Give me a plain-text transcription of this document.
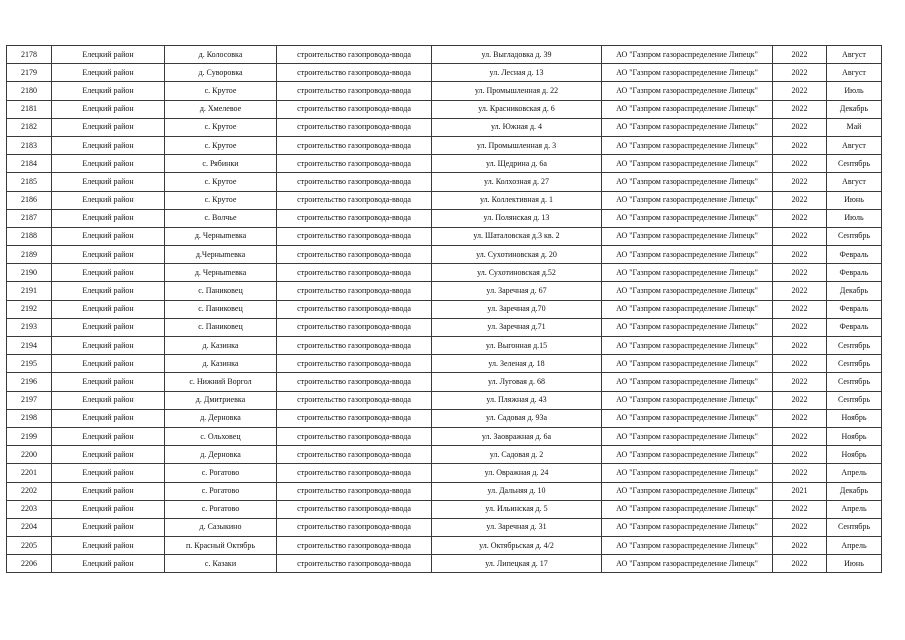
2178	Елецкий район	д. Колосовка	строительство газопровода-ввода	ул. Выгладовка д. 39	АО "Газпром газораспределение Липецк"	2022	Август
2179	Елецкий район	д. Суворовка	строительство газопровода-ввода	ул. Лесная д. 13	АО "Газпром газораспределение Липецк"	2022	Август
2180	Елецкий район	с. Крутое	строительство газопровода-ввода	ул. Промышленная д. 22	АО "Газпром газораспределение Липецк"	2022	Июль
2181	Елецкий район	д. Хмелевое	строительство газопровода-ввода	ул. Красниковская д. 6	АО "Газпром газораспределение Липецк"	2022	Декабрь
2182	Елецкий район	с. Крутое	строительство газопровода-ввода	ул. Южная д. 4	АО "Газпром газораспределение Липецк"	2022	Май
2183	Елецкий район	с. Крутое	строительство газопровода-ввода	ул. Промышленная д. 3	АО "Газпром газораспределение Липецк"	2022	Август
2184	Елецкий район	с. Рябинки	строительство газопровода-ввода	ул. Щедрина д. 6а	АО "Газпром газораспределение Липецк"	2022	Сентябрь
2185	Елецкий район	с. Крутое	строительство газопровода-ввода	ул. Колхозная д. 27	АО "Газпром газораспределение Липецк"	2022	Август
2186	Елецкий район	с. Крутое	строительство газопровода-ввода	ул. Коллективная д. 1	АО "Газпром газораспределение Липецк"	2022	Июнь
2187	Елецкий район	с. Волчье	строительство газопровода-ввода	ул. Полянская д. 13	АО "Газпром газораспределение Липецк"	2022	Июль
2188	Елецкий район	д. Черныmевка	строительство газопровода-ввода	ул. Шаталовская д.3 кв. 2	АО "Газпром газораспределение Липецк"	2022	Сентябрь
2189	Елецкий район	д.Черныmевка	строительство газопровода-ввода	ул. Сухотиновская д. 20	АО "Газпром газораспределение Липецк"	2022	Февраль
2190	Елецкий район	д. Черныmевка	строительство газопровода-ввода	ул. Сухотиновская д.52	АО "Газпром газораспределение Липецк"	2022	Февраль
2191	Елецкий район	с. Паниковец	строительство газопровода-ввода	ул. Заречная д. 67	АО "Газпром газораспределение Липецк"	2022	Декабрь
2192	Елецкий район	с. Паниковец	строительство газопровода-ввода	ул. Заречная д.70	АО "Газпром газораспределение Липецк"	2022	Февраль
2193	Елецкий район	с. Паниковец	строительство газопровода-ввода	ул. Заречная д.71	АО "Газпром газораспределение Липецк"	2022	Февраль
2194	Елецкий район	д. Казинка	строительство газопровода-ввода	ул. Выгонная д.15	АО "Газпром газораспределение Липецк"	2022	Сентябрь
2195	Елецкий район	д. Казинка	строительство газопровода-ввода	ул. Зеленая д. 18	АО "Газпром газораспределение Липецк"	2022	Сентябрь
2196	Елецкий район	с. Нижний Воргол	строительство газопровода-ввода	ул. Луговая д. 68	АО "Газпром газораспределение Липецк"	2022	Сентябрь
2197	Елецкий район	д. Дмитриевка	строительство газопровода-ввода	ул. Пляжная д. 43	АО "Газпром газораспределение Липецк"	2022	Сентябрь
2198	Елецкий район	д. Дерновка	строительство газопровода-ввода	ул. Садовая д. 93а	АО "Газпром газораспределение Липецк"	2022	Ноябрь
2199	Елецкий район	с. Ольховец	строительство газопровода-ввода	ул. Заовражная д. 6а	АО "Газпром газораспределение Липецк"	2022	Ноябрь
2200	Елецкий район	д. Дерновка	строительство газопровода-ввода	ул. Садовая д. 2	АО "Газпром газораспределение Липецк"	2022	Ноябрь
2201	Елецкий район	с. Рогатово	строительство газопровода-ввода	ул. Овражная д. 24	АО "Газпром газораспределение Липецк"	2022	Апрель
2202	Елецкий район	с. Рогатово	строительство газопровода-ввода	ул. Дальняя д. 10	АО "Газпром газораспределение Липецк"	2021	Декабрь
2203	Елецкий район	с. Рогатово	строительство газопровода-ввода	ул. Ильинская д. 5	АО "Газпром газораспределение Липецк"	2022	Апрель
2204	Елецкий район	д. Сазыкино	строительство газопровода-ввода	ул. Заречная д. 31	АО "Газпром газораспределение Липецк"	2022	Сентябрь
2205	Елецкий район	п. Красный Октябрь	строительство газопровода-ввода	ул. Октябрьская д. 4/2	АО "Газпром газораспределение Липецк"	2022	Апрель
2206	Елецкий район	с. Казаки	строительство газопровода-ввода	ул. Липецкая д. 17	АО "Газпром газораспределение Липецк"	2022	Июнь
